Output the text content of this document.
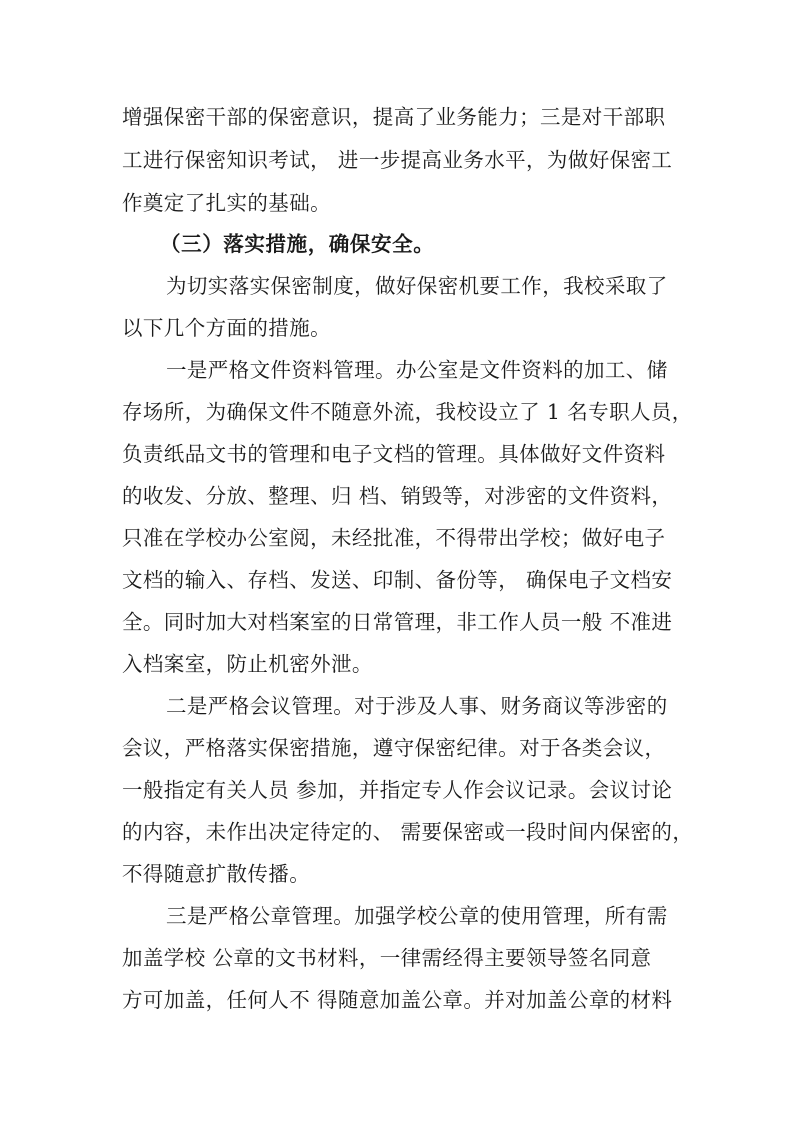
增强保密干部的保密意识，提高了业务能力；三是对干部职
工进行保密知识考试， 进一步提高业务水平，为做好保密工
作奠定了扎实的基础。
（三）落实措施，确保安全。
为切实落实保密制度，做好保密机要工作，我校采取了
以下几个方面的措施。
一是严格文件资料管理。办公室是文件资料的加工、储
存场所，为确保文件不随意外流，我校设立了 1 名专职人员，
负责纸品文书的管理和电子文档的管理。具体做好文件资料
的收发、分放、整理、归 档、销毁等，对涉密的文件资料，
只准在学校办公室阅，未经批准，不得带出学校；做好电子
文档的输入、存档、发送、印制、备份等， 确保电子文档安
全。同时加大对档案室的日常管理，非工作人员一般 不准进
入档案室，防止机密外泄。
二是严格会议管理。对于涉及人事、财务商议等涉密的
会议，严格落实保密措施，遵守保密纪律。对于各类会议，
一般指定有关人员 参加，并指定专人作会议记录。会议讨论
的内容，未作出决定待定的、 需要保密或一段时间内保密的，
不得随意扩散传播。
三是严格公章管理。加强学校公章的使用管理，所有需
加盖学校 公章的文书材料，一律需经得主要领导签名同意
方可加盖，任何人不 得随意加盖公章。并对加盖公章的材料
